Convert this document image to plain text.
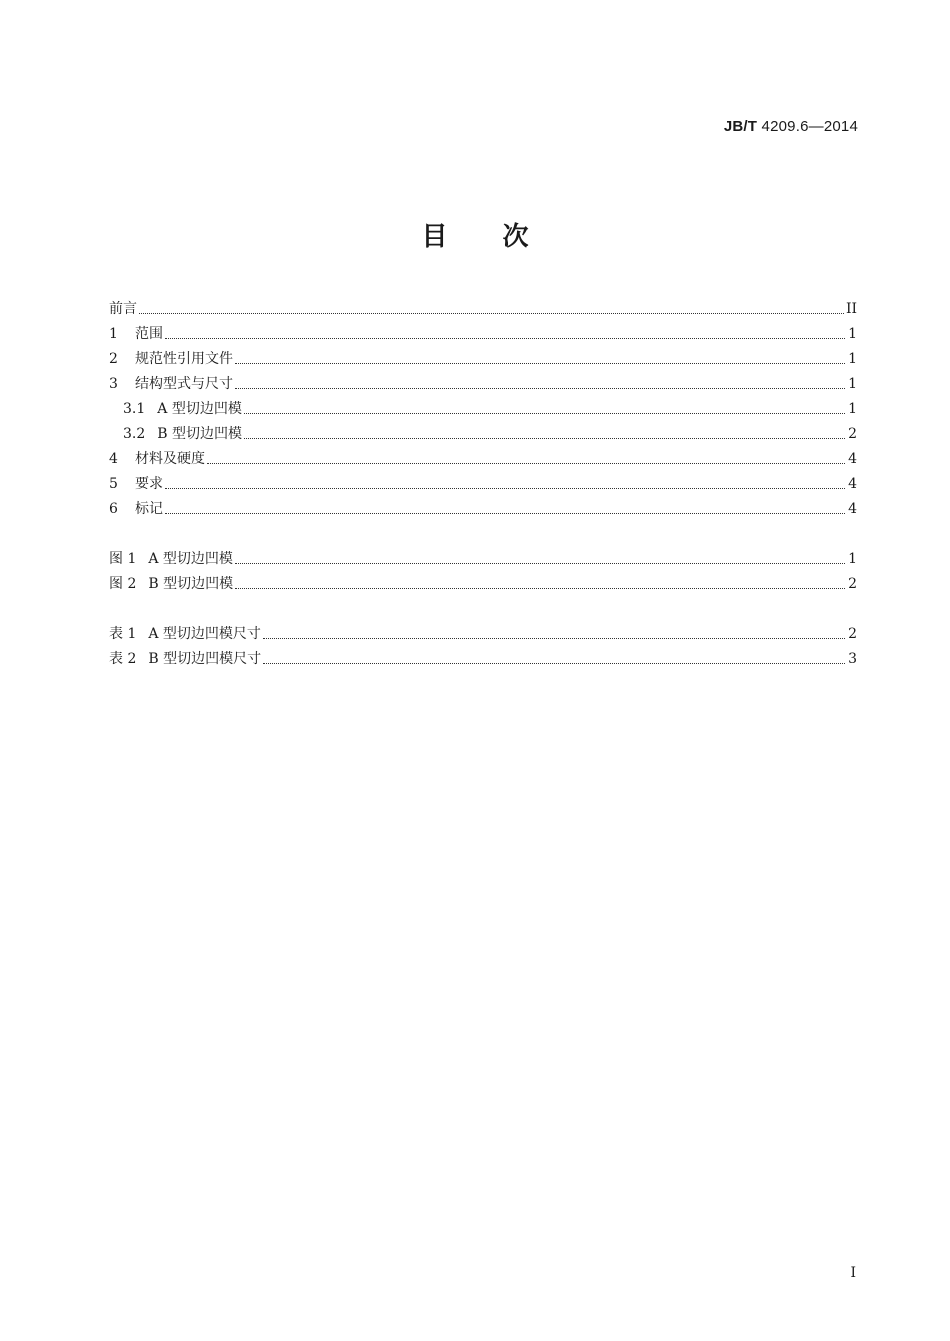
JB/T 4209.6—2014
目 次
前言	II
1	范围	1
2	规范性引用文件	1
3	结构型式与尺寸	1
3.1 A 型切边凹模	1
3.2 B 型切边凹模	2
4	材料及硬度	4
5	要求	4
6	标记	4
图 1 A 型切边凹模	1
图 2 B 型切边凹模	2
表 1 A 型切边凹模尺寸	2
表 2 B 型切边凹模尺寸	3
I
